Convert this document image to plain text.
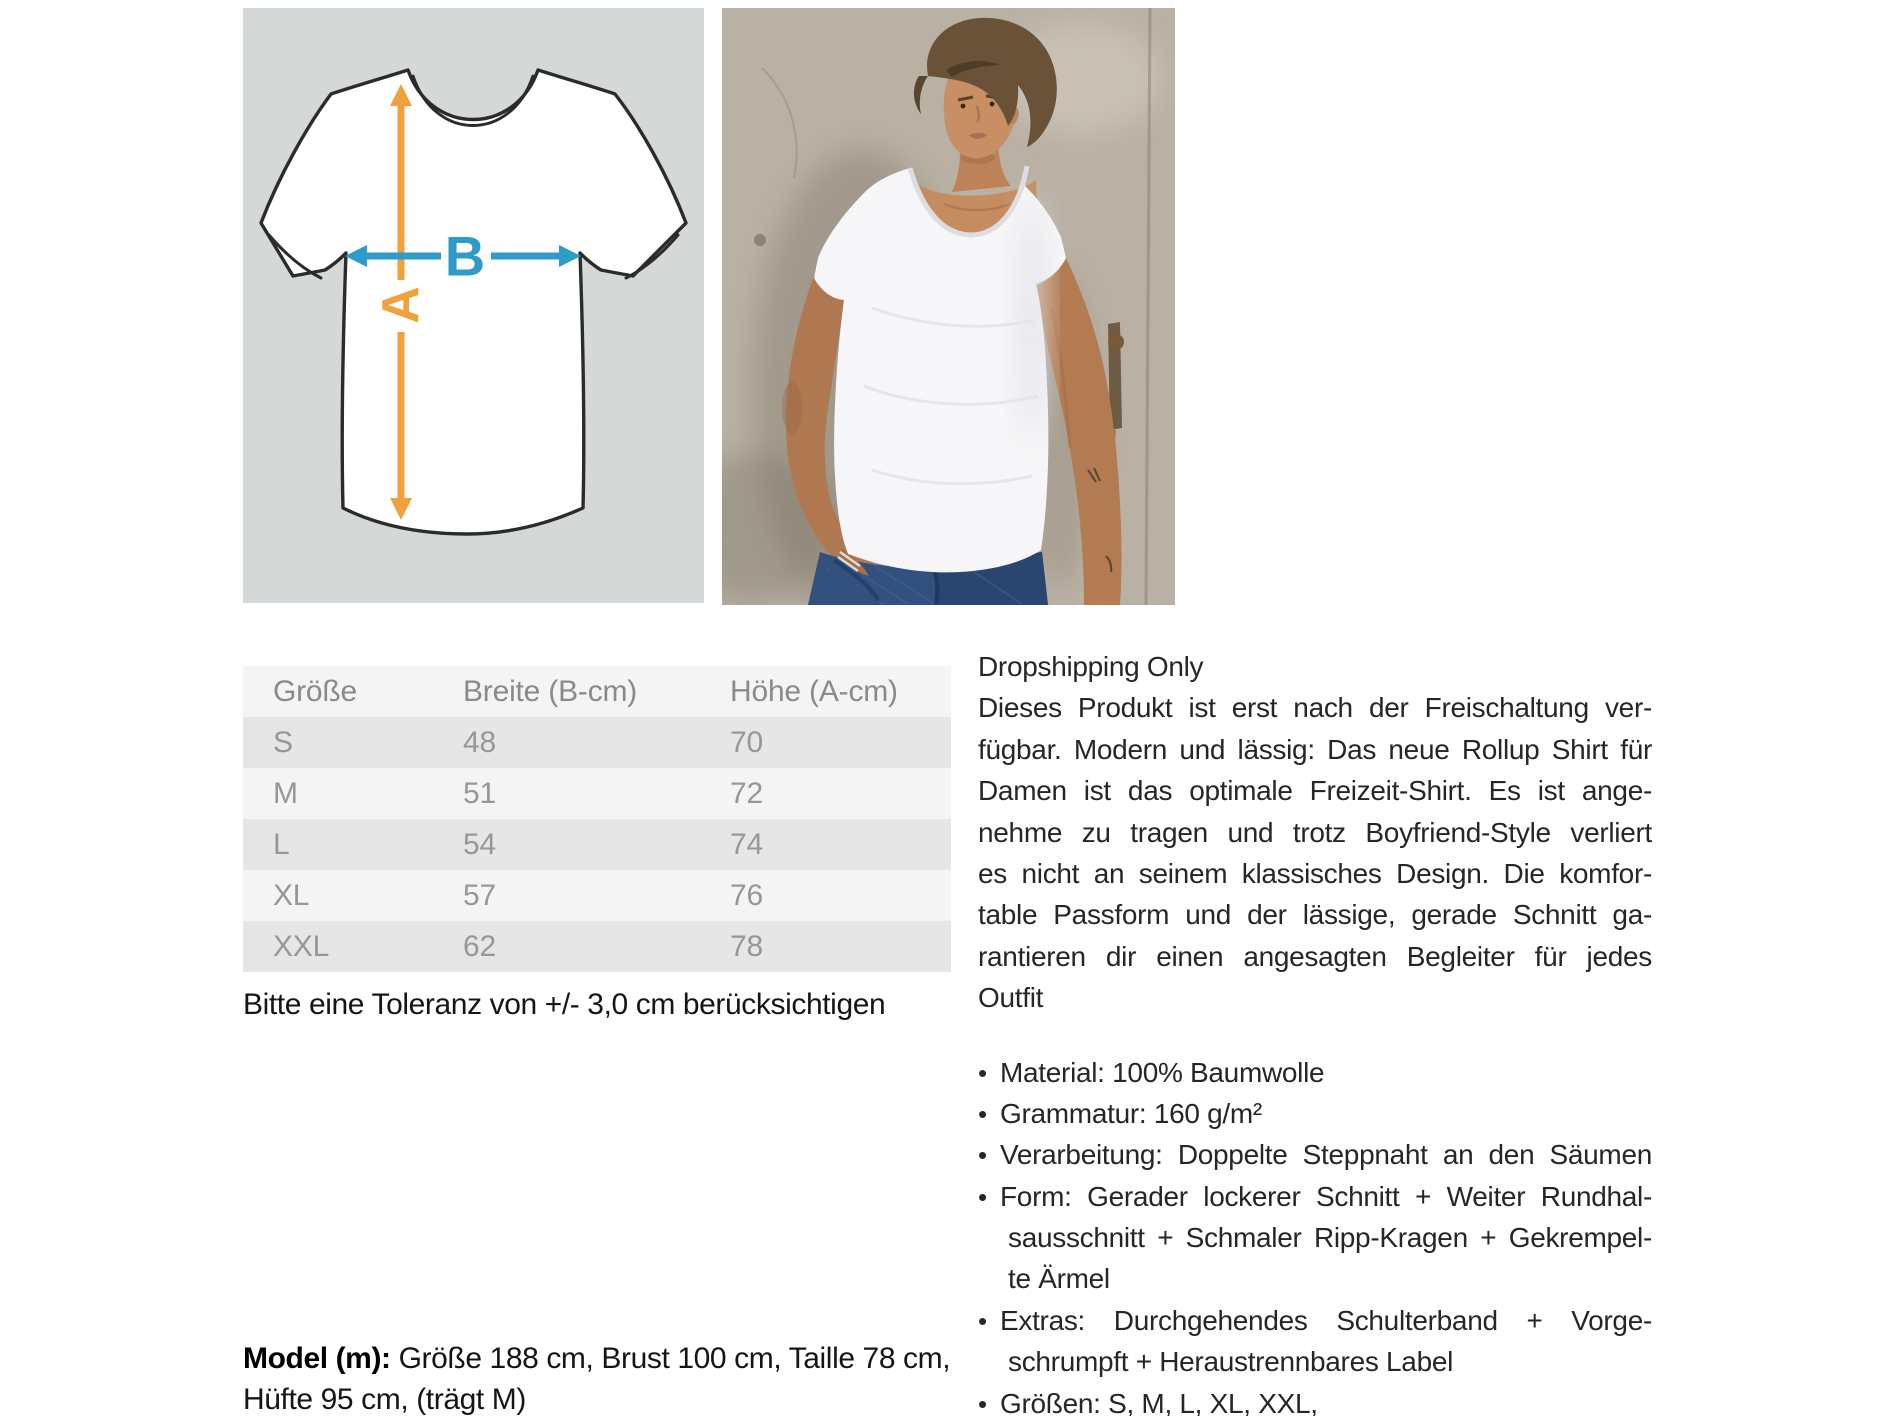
A
B
Größe	Breite (B-cm)	Höhe (A-cm)
S	48	70
M	51	72
L	54	74
XL	57	76
XXL	62	78
Bitte eine Toleranz von +/- 3,0 cm berücksichtigen
Model (m): Größe 188 cm, Brust 100 cm, Taille 78 cm,
Hüfte 95 cm, (trägt M)
Dropshipping Only
Dieses Produkt ist erst nach der Freischaltung ver-
fügbar. Modern und lässig: Das neue Rollup Shirt für
Damen ist das optimale Freizeit-Shirt. Es ist ange-
nehme zu tragen und trotz Boyfriend-Style verliert
es nicht an seinem klassisches Design. Die komfor-
table Passform und der lässige, gerade Schnitt ga-
rantieren dir einen angesagten Begleiter für jedes
Outfit
• Material: 100% Baumwolle
• Grammatur: 160 g/m²
• Verarbeitung: Doppelte Steppnaht an den Säumen
• Form: Gerader lockerer Schnitt + Weiter Rundhal-
sausschnitt + Schmaler Ripp-Kragen + Gekrempel-
te Ärmel
• Extras: Durchgehendes Schulterband + Vorge-
schrumpft + Heraustrennbares Label
• Größen: S, M, L, XL, XXL,
